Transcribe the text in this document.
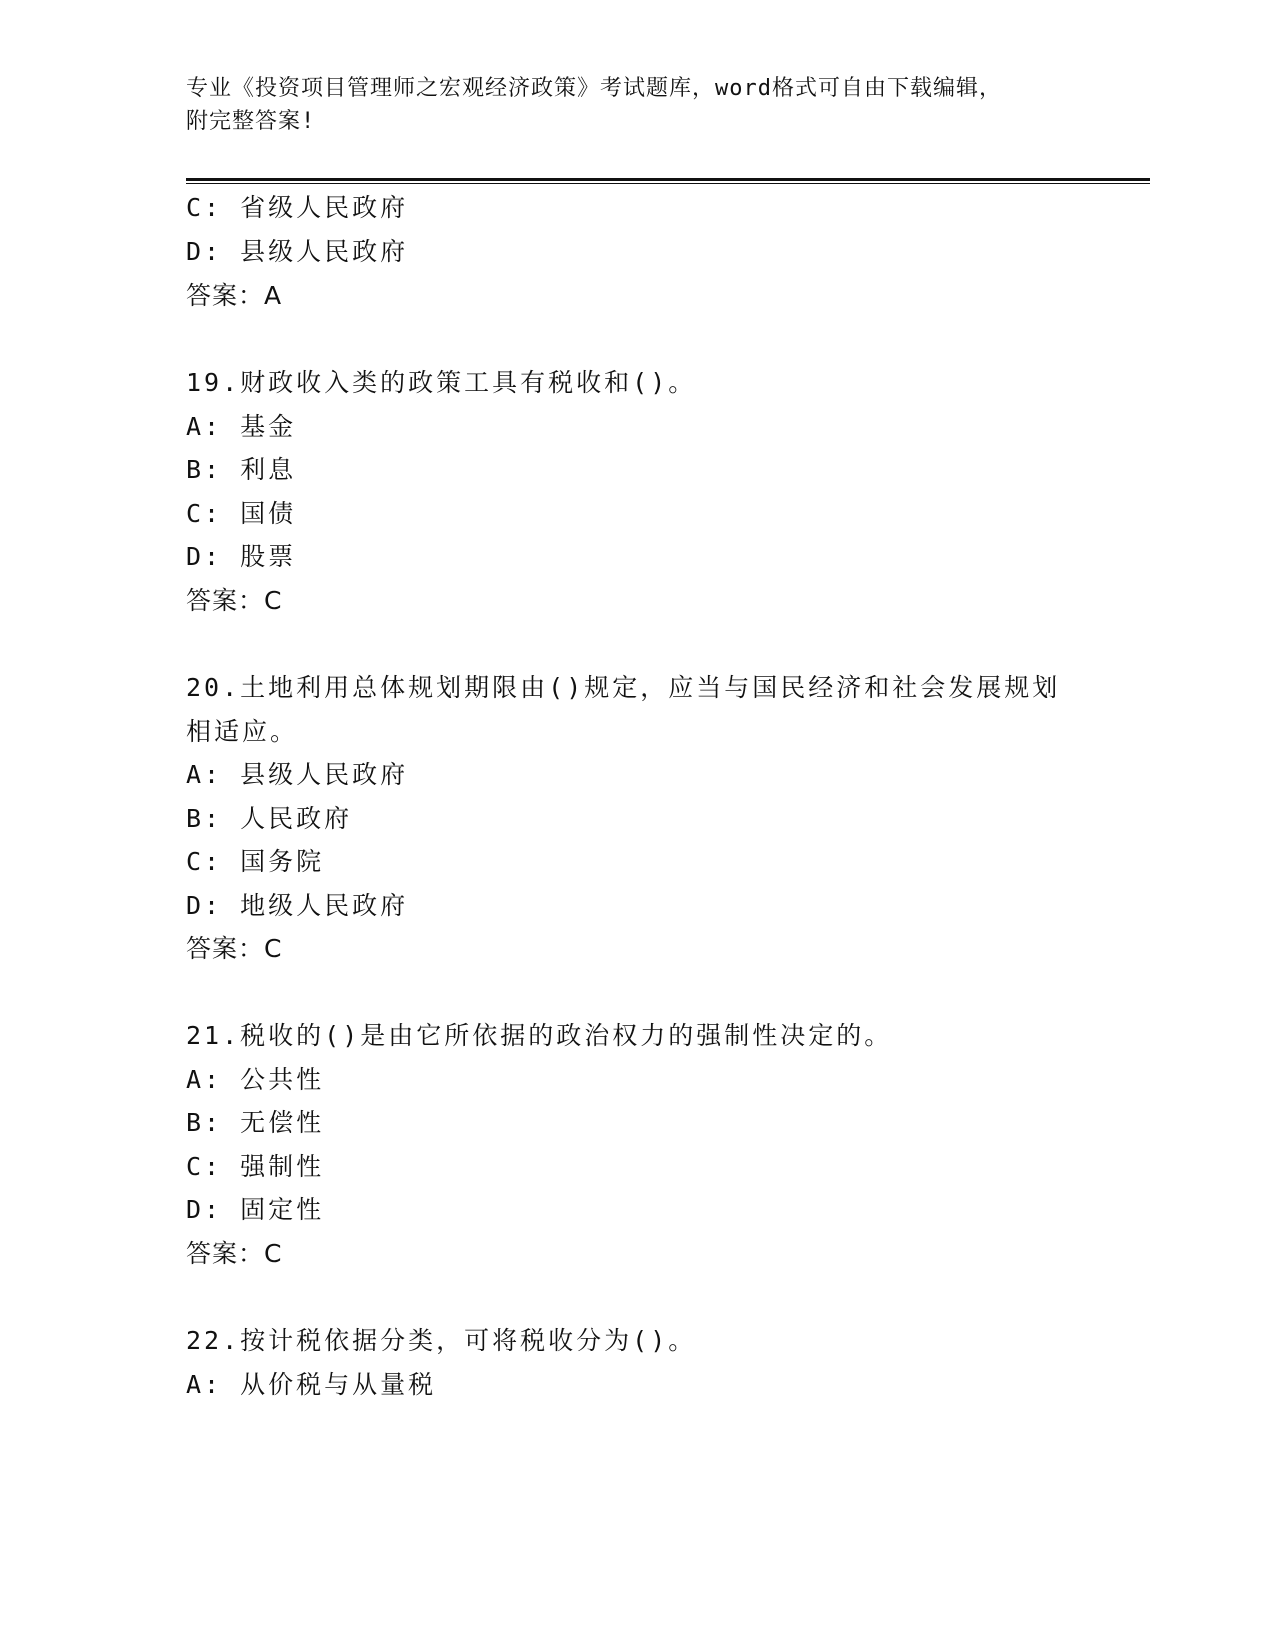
专业《投资项目管理师之宏观经济政策》考试题库，word格式可自由下载编辑，
附完整答案!
C: 省级人民政府
D: 县级人民政府
答案：A
19.财政收入类的政策工具有税收和()。
A: 基金
B: 利息
C: 国债
D: 股票
答案：C
20.土地利用总体规划期限由()规定，应当与国民经济和社会发展规划
相适应。
A: 县级人民政府
B: 人民政府
C: 国务院
D: 地级人民政府
答案：C
21.税收的()是由它所依据的政治权力的强制性决定的。
A: 公共性
B: 无偿性
C: 强制性
D: 固定性
答案：C
22.按计税依据分类，可将税收分为()。
A: 从价税与从量税
